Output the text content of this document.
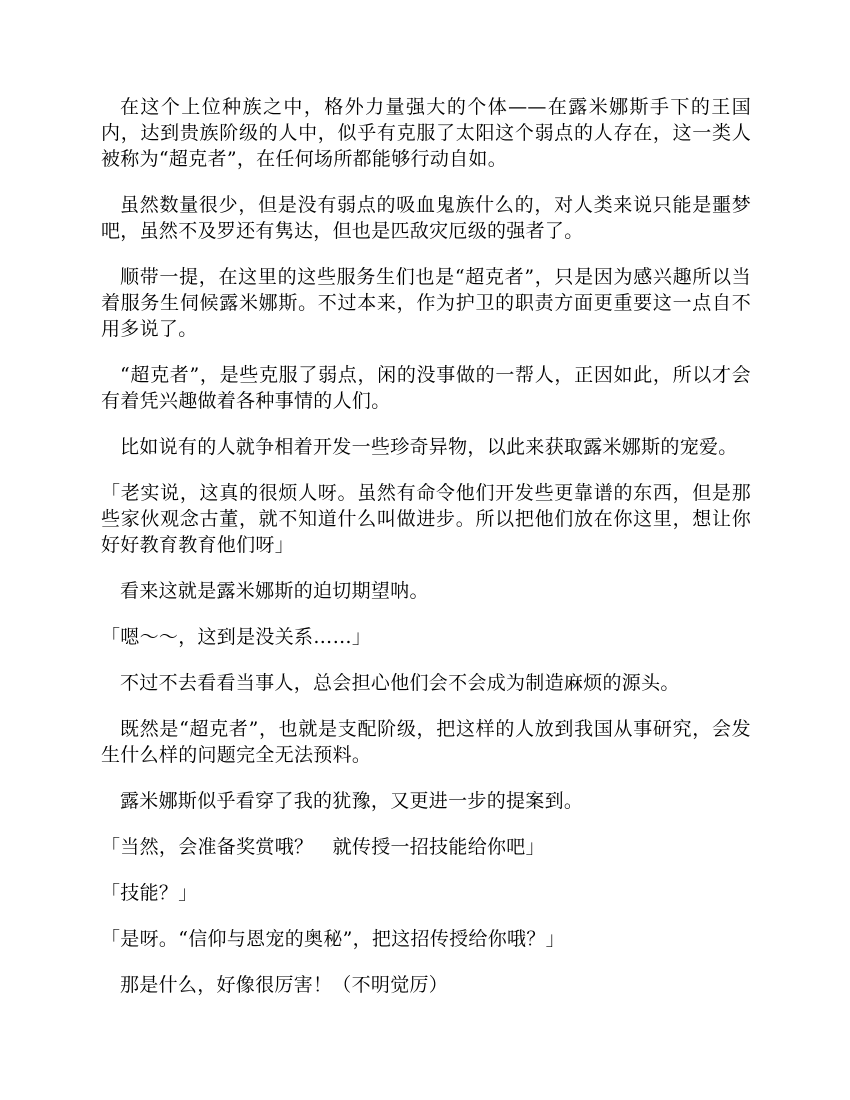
在这个上位种族之中，格外力量强大的个体——在露米娜斯手下的王国内，达到贵族阶级的人中，似乎有克服了太阳这个弱点的人存在，这一类人被称为“超克者”，在任何场所都能够行动自如。

虽然数量很少，但是没有弱点的吸血鬼族什么的，对人类来说只能是噩梦吧，虽然不及罗还有隽达，但也是匹敌灾厄级的强者了。

顺带一提，在这里的这些服务生们也是“超克者”，只是因为感兴趣所以当着服务生伺候露米娜斯。不过本来，作为护卫的职责方面更重要这一点自不用多说了。

“超克者”，是些克服了弱点，闲的没事做的一帮人，正因如此，所以才会有着凭兴趣做着各种事情的人们。

比如说有的人就争相着开发一些珍奇异物，以此来获取露米娜斯的宠爱。

「老实说，这真的很烦人呀。虽然有命令他们开发些更靠谱的东西，但是那些家伙观念古董，就不知道什么叫做进步。所以把他们放在你这里，想让你好好教育教育他们呀」

看来这就是露米娜斯的迫切期望呐。

「嗯～～，这到是没关系……」

不过不去看看当事人，总会担心他们会不会成为制造麻烦的源头。

既然是“超克者”，也就是支配阶级，把这样的人放到我国从事研究，会发生什么样的问题完全无法预料。

露米娜斯似乎看穿了我的犹豫，又更进一步的提案到。

「当然，会准备奖赏哦？　就传授一招技能给你吧」

「技能？」

「是呀。“信仰与恩宠的奥秘”，把这招传授给你哦？」

那是什么，好像很厉害！（不明觉厉）
